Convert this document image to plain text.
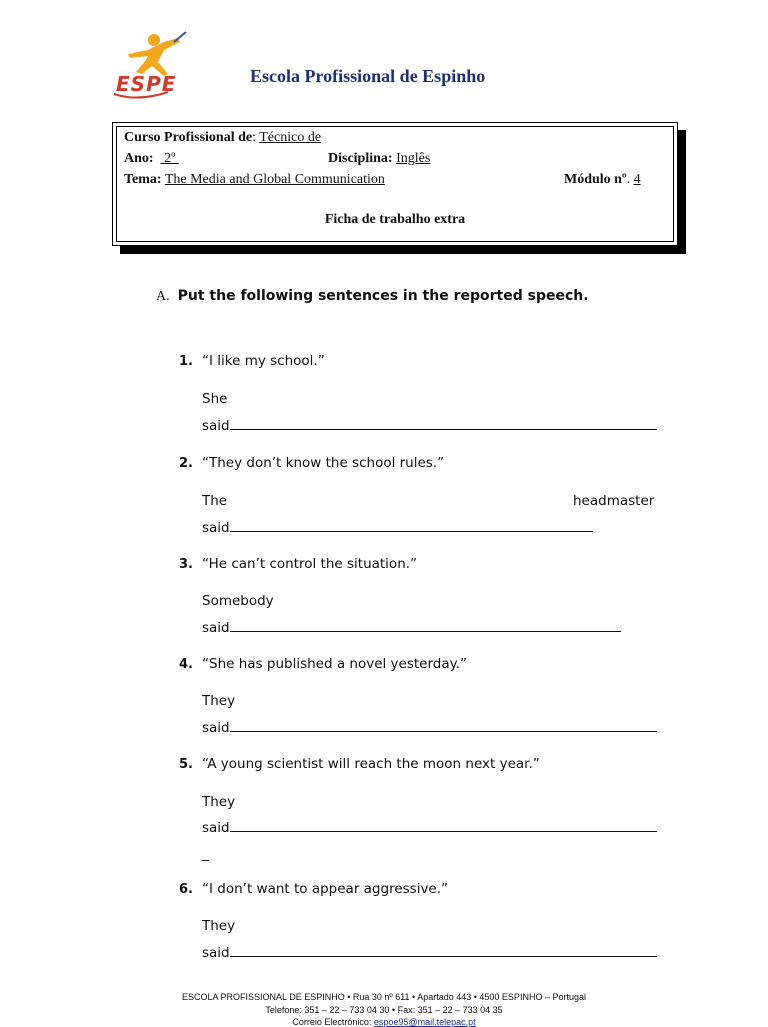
ESPE	Escola Profissional de Espinho
Curso Profissional de: Técnico de
Ano: 2º	Disciplina: Inglês
Tema: The Media and Global Communication	Módulo nº. 4
Ficha de trabalho extra
A. Put the following sentences in the reported speech.
1. “I like my school.”
She
said
2. “They don’t know the school rules.”
The	headmaster
said
3. “He can’t control the situation.”
Somebody
said
4. “She has published a novel yesterday.”
They
said
5. “A young scientist will reach the moon next year.”
They
said
_
6. “I don’t want to appear aggressive.”
They
said
ESCOLA PROFISSIONAL DE ESPINHO • Rua 30 nº 611 • Apartado 443 • 4500 ESPINHO – Portugal
Telefone: 351 – 22 – 733 04 30 • Fax: 351 – 22 – 733 04 35
Correio Electrónico: espoe95@mail.telepac.pt
